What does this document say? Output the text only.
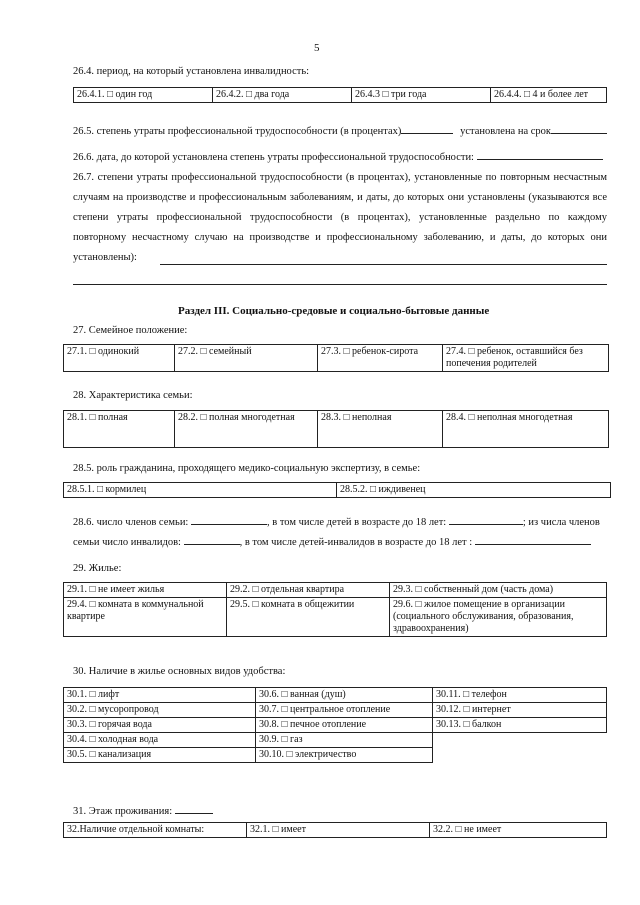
5
26.4. период, на который установлена инвалидность:
26.4.1. □ один год	26.4.2. □ два года	26.4.3 □ три года	26.4.4. □ 4 и более лет
26.5. степень утраты профессиональной трудоспособности (в процентах)	установлена на срок
26.6. дата, до которой установлена степень утраты профессиональной трудоспособности:
26.7. степени утраты профессиональной трудоспособности (в процентах), установленные по повторным несчастным случаям на производстве и профессиональным заболеваниям, и даты, до которых они установлены (указываются все степени утраты профессиональной трудоспособности (в процентах), установленные раздельно по каждому повторному несчастному случаю на производстве и профессиональному заболеванию, и даты, до которых они установлены):
Раздел III. Социально-средовые и социально-бытовые данные
27. Семейное положение:
27.1. □ одинокий	27.2. □ семейный	27.3. □ ребенок-сирота	27.4. □ ребенок, оставшийся без попечения родителей
28. Характеристика семьи:
28.1. □ полная	28.2. □ полная многодетная	28.3. □ неполная	28.4. □ неполная многодетная
28.5. роль гражданина, проходящего медико-социальную экспертизу, в семье:
28.5.1. □ кормилец	28.5.2. □ иждивенец
28.6. число членов семьи:	, в том числе детей в возрасте до 18 лет:	; из числа членов
семьи число инвалидов:	, в том числе детей-инвалидов в возрасте до 18 лет :
29. Жилье:
29.1. □ не имеет жилья	29.2. □ отдельная квартира	29.3. □ собственный дом (часть дома)
29.4. □ комната в коммунальной квартире	29.5. □ комната в общежитии	29.6. □ жилое помещение в организации (социального обслуживания, образования, здравоохранения)
30. Наличие в жилье основных видов удобства:
30.1. □ лифт	30.6. □ ванная (душ)	30.11. □ телефон
30.2. □ мусоропровод	30.7. □ центральное отопление	30.12. □ интернет
30.3. □ горячая вода	30.8. □ печное отопление	30.13. □ балкон
30.4. □ холодная вода	30.9. □ газ	
30.5. □ канализация	30.10. □ электричество	
31. Этаж проживания:
32.Наличие отдельной комнаты:	32.1. □ имеет	32.2. □ не имеет
